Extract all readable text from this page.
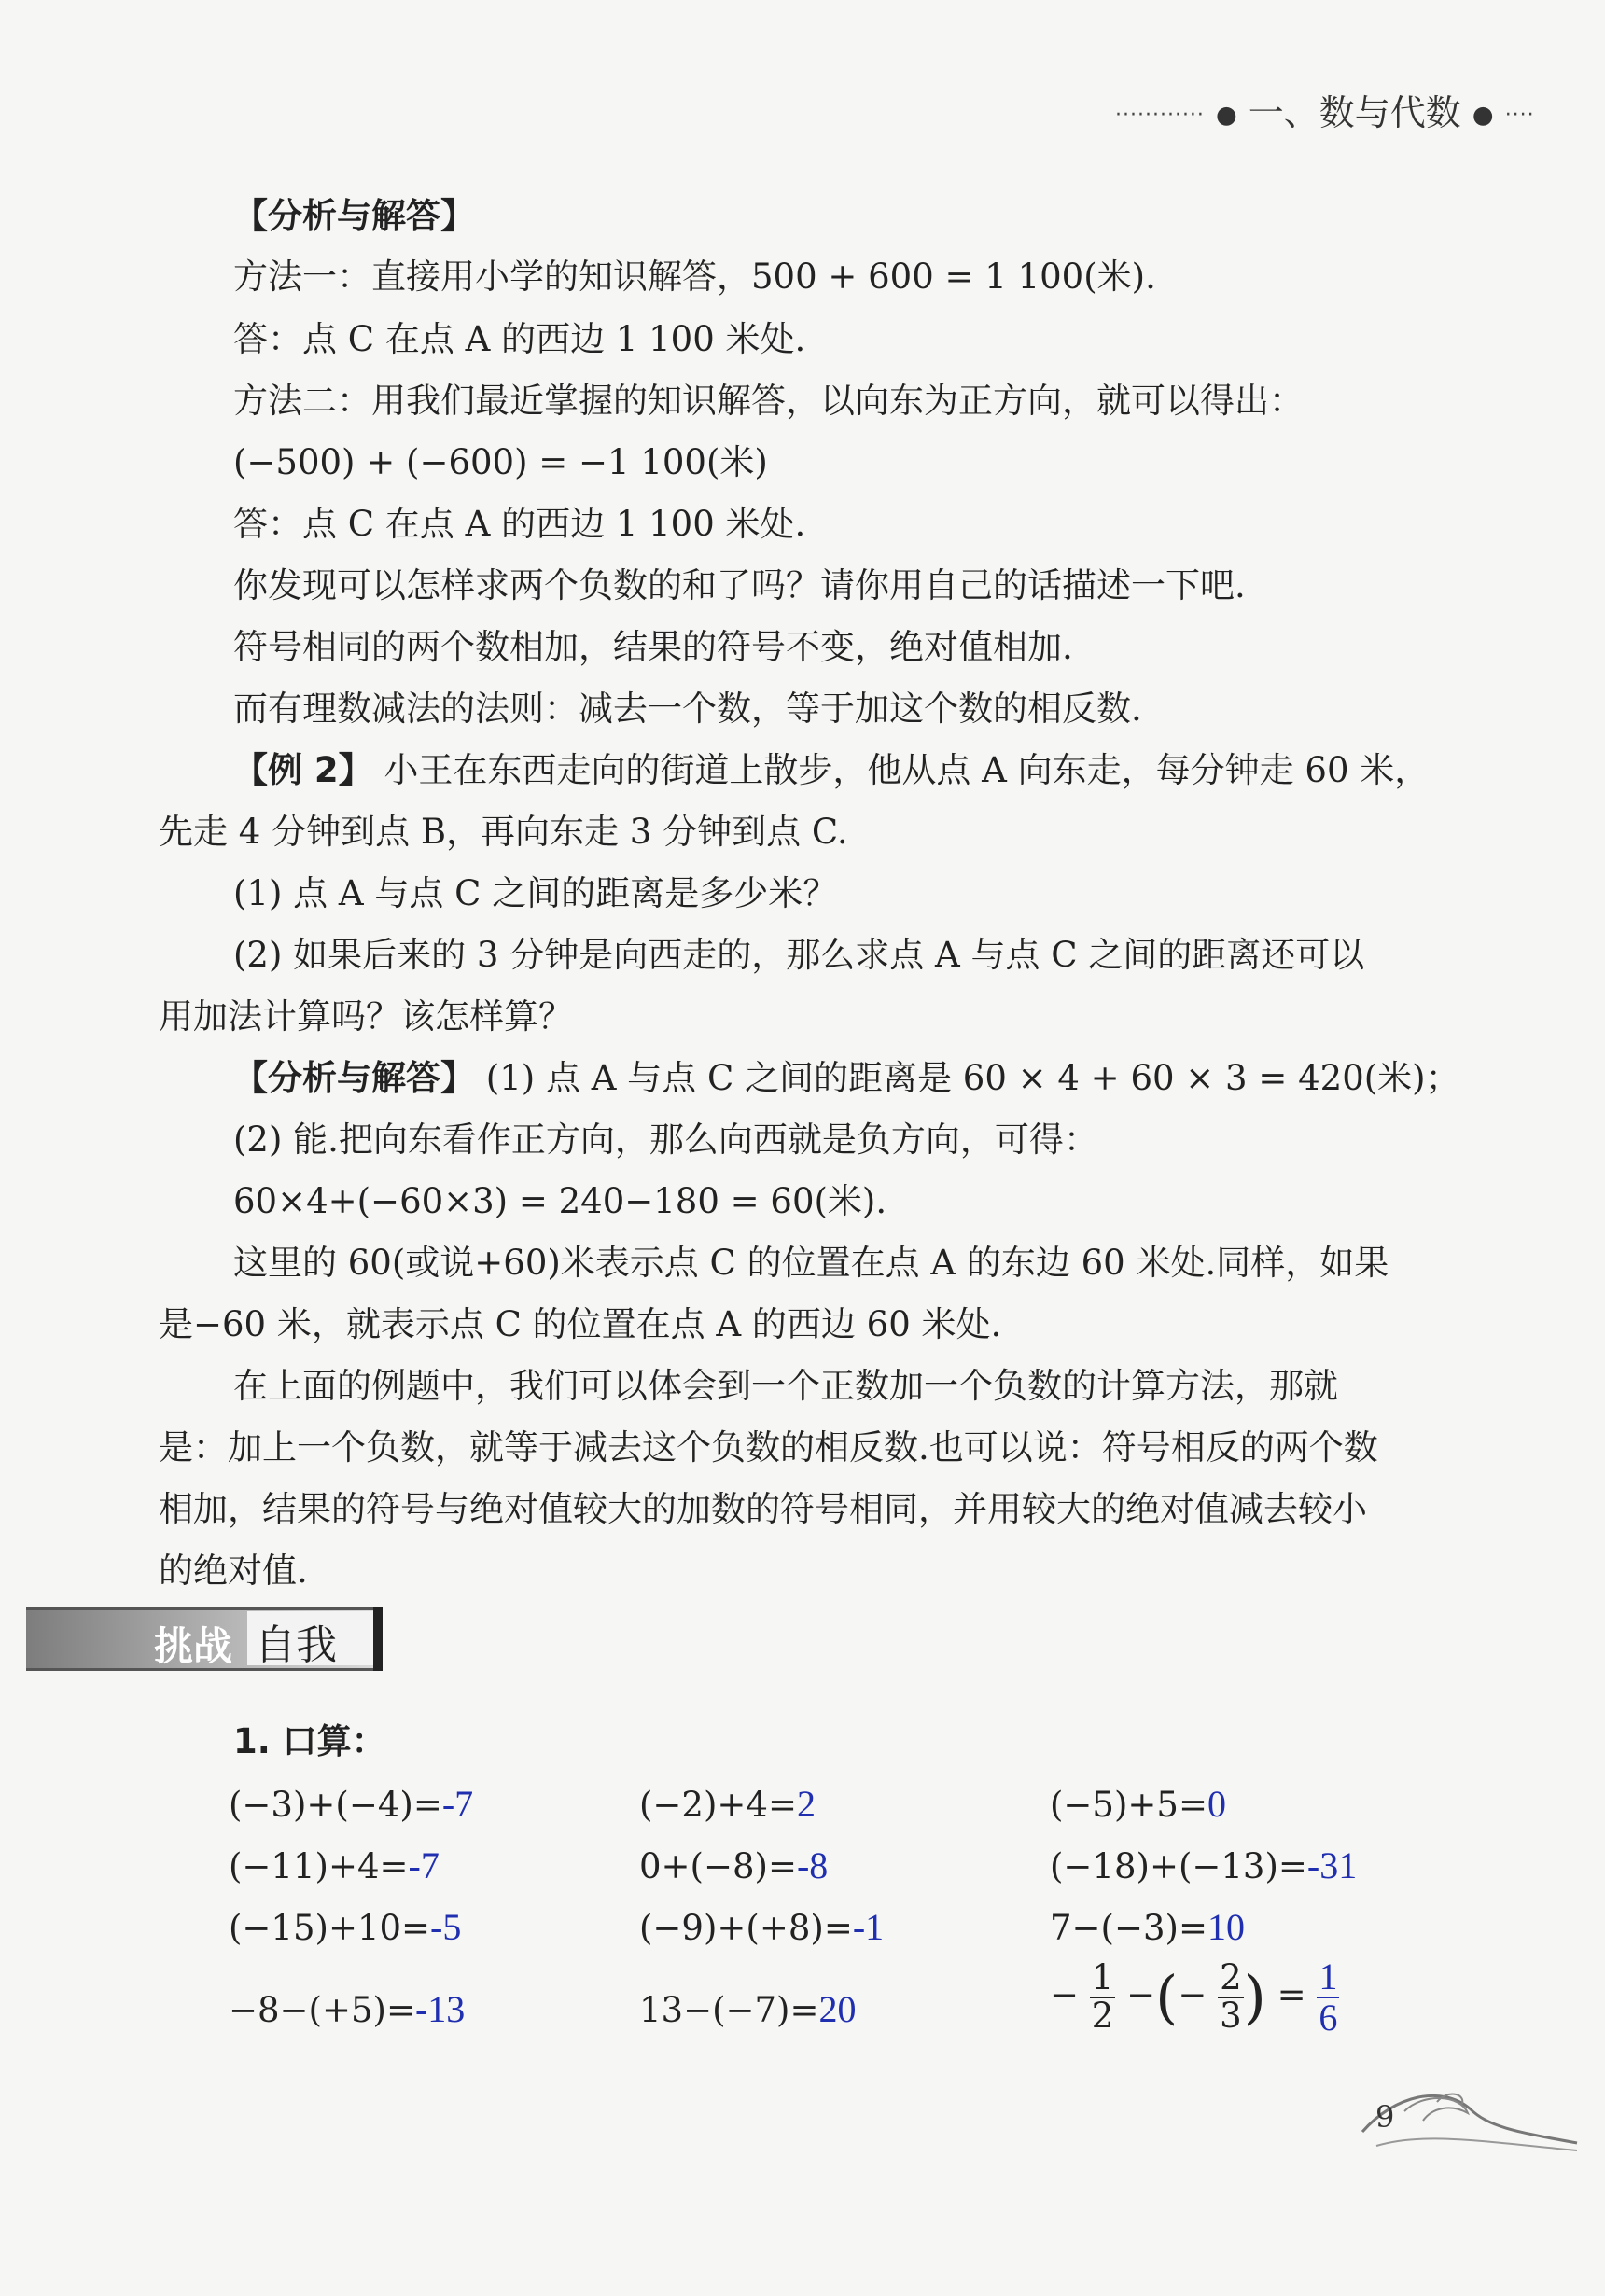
············ ● 一、数与代数 ● ····
【分析与解答】
方法一：直接用小学的知识解答，500 + 600 = 1 100(米).
答：点 C 在点 A 的西边 1 100 米处.
方法二：用我们最近掌握的知识解答，以向东为正方向，就可以得出：
(−500) + (−600) = −1 100(米)
答：点 C 在点 A 的西边 1 100 米处.
你发现可以怎样求两个负数的和了吗？请你用自己的话描述一下吧.
符号相同的两个数相加，结果的符号不变，绝对值相加.
而有理数减法的法则：减去一个数，等于加这个数的相反数.
【例 2】 小王在东西走向的街道上散步，他从点 A 向东走，每分钟走 60 米，
先走 4 分钟到点 B，再向东走 3 分钟到点 C.
(1) 点 A 与点 C 之间的距离是多少米？
(2) 如果后来的 3 分钟是向西走的，那么求点 A 与点 C 之间的距离还可以
用加法计算吗？该怎样算？
【分析与解答】 (1) 点 A 与点 C 之间的距离是 60 × 4 + 60 × 3 = 420(米)；
(2) 能.把向东看作正方向，那么向西就是负方向，可得：
60×4+(−60×3) = 240−180 = 60(米).
这里的 60(或说+60)米表示点 C 的位置在点 A 的东边 60 米处.同样，如果
是−60 米，就表示点 C 的位置在点 A 的西边 60 米处.
在上面的例题中，我们可以体会到一个正数加一个负数的计算方法，那就
是：加上一个负数，就等于减去这个负数的相反数.也可以说：符号相反的两个数
相加，结果的符号与绝对值较大的加数的符号相同，并用较大的绝对值减去较小
的绝对值.
挑战 自我
1. 口算：
(−3)+(−4)=-7	(−2)+4=2	(−5)+5=0
(−11)+4=-7	0+(−8)=-8	(−18)+(−13)=-31
(−15)+10=-5	(−9)+(+8)=-1	7−(−3)=10
−8−(+5)=-13	13−(−7)=20	− $\frac{1}{2}$ −(− $\frac{2}{3}$ ) = $\frac{1}{6}$
9
